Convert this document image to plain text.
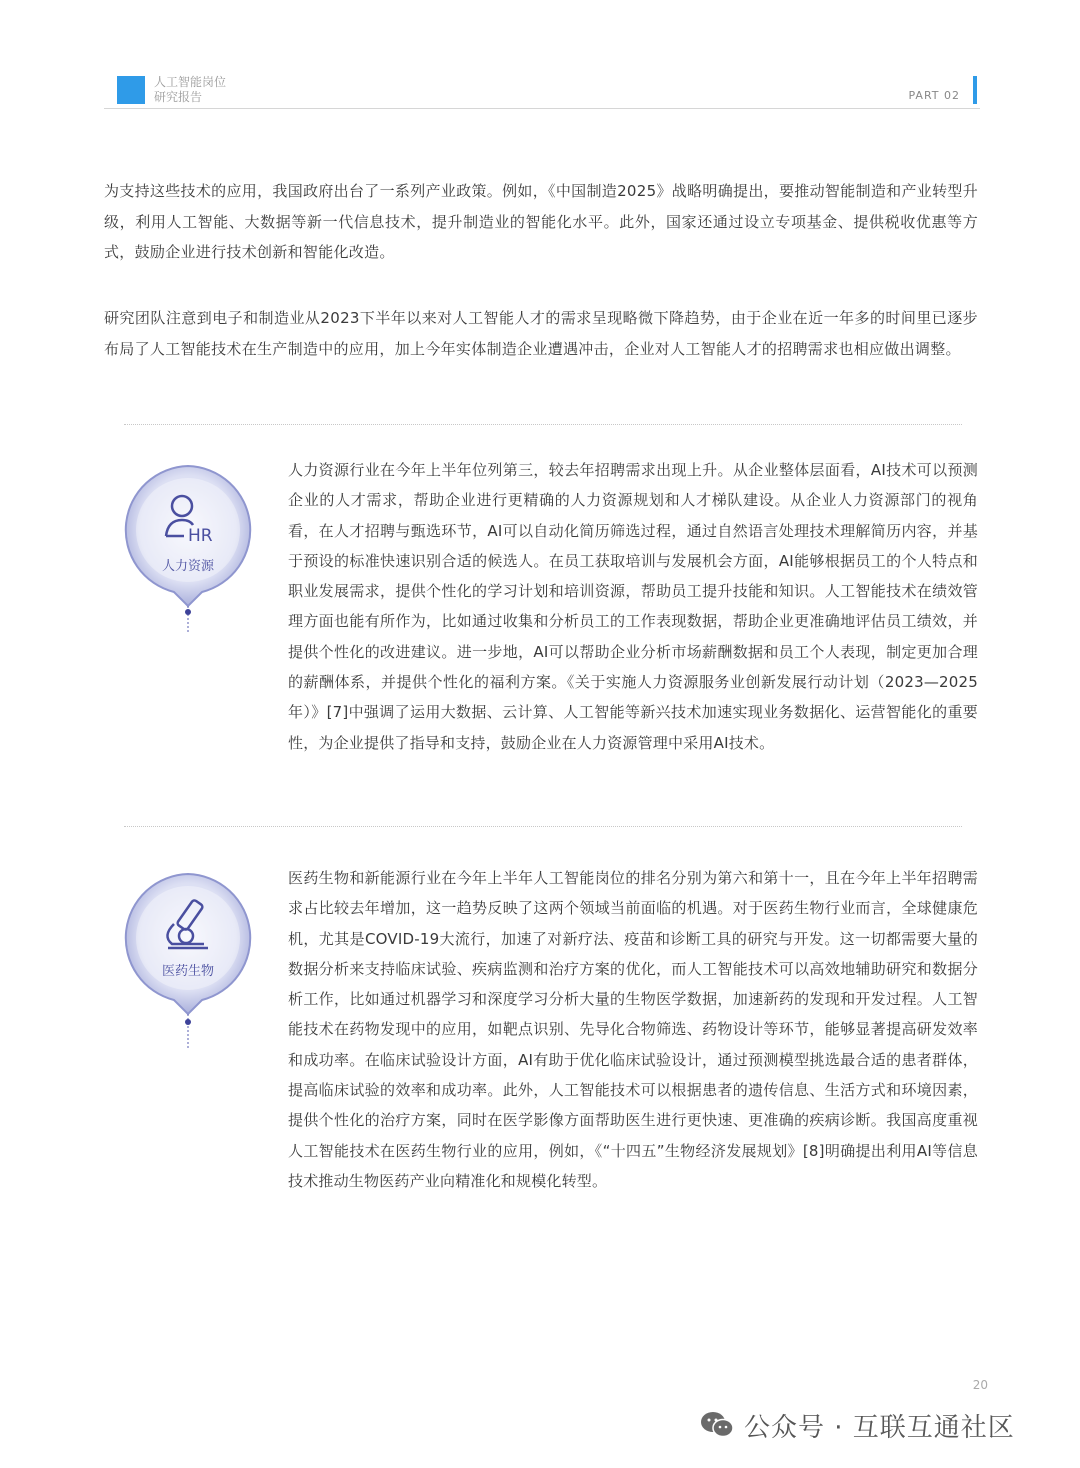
人工智能岗位
研究报告	PART 02
为支持这些技术的应用，我国政府出台了一系列产业政策。例如，《中国制造2025》战略明确提出，要推动智能制造和产业转型升级，利用人工智能、大数据等新一代信息技术，提升制造业的智能化水平。此外，国家还通过设立专项基金、提供税收优惠等方式，鼓励企业进行技术创新和智能化改造。
研究团队注意到电子和制造业从2023下半年以来对人工智能人才的需求呈现略微下降趋势，由于企业在近一年多的时间里已逐步布局了人工智能技术在生产制造中的应用，加上今年实体制造企业遭遇冲击，企业对人工智能人才的招聘需求也相应做出调整。
HR
人力资源
人力资源行业在今年上半年位列第三，较去年招聘需求出现上升。从企业整体层面看，AI技术可以预测企业的人才需求，帮助企业进行更精确的人力资源规划和人才梯队建设。从企业人力资源部门的视角看，在人才招聘与甄选环节，AI可以自动化简历筛选过程，通过自然语言处理技术理解简历内容，并基于预设的标准快速识别合适的候选人。在员工获取培训与发展机会方面，AI能够根据员工的个人特点和职业发展需求，提供个性化的学习计划和培训资源，帮助员工提升技能和知识。人工智能技术在绩效管理方面也能有所作为，比如通过收集和分析员工的工作表现数据，帮助企业更准确地评估员工绩效，并提供个性化的改进建议。进一步地，AI可以帮助企业分析市场薪酬数据和员工个人表现，制定更加合理的薪酬体系，并提供个性化的福利方案。《关于实施人力资源服务业创新发展行动计划（2023—2025年）》[7]中强调了运用大数据、云计算、人工智能等新兴技术加速实现业务数据化、运营智能化的重要性，为企业提供了指导和支持，鼓励企业在人力资源管理中采用AI技术。
医药生物
医药生物和新能源行业在今年上半年人工智能岗位的排名分别为第六和第十一，且在今年上半年招聘需求占比较去年增加，这一趋势反映了这两个领域当前面临的机遇。对于医药生物行业而言，全球健康危机，尤其是COVID-19大流行，加速了对新疗法、疫苗和诊断工具的研究与开发。这一切都需要大量的数据分析来支持临床试验、疾病监测和治疗方案的优化，而人工智能技术可以高效地辅助研究和数据分析工作，比如通过机器学习和深度学习分析大量的生物医学数据，加速新药的发现和开发过程。人工智能技术在药物发现中的应用，如靶点识别、先导化合物筛选、药物设计等环节，能够显著提高研发效率和成功率。在临床试验设计方面，AI有助于优化临床试验设计，通过预测模型挑选最合适的患者群体，提高临床试验的效率和成功率。此外，人工智能技术可以根据患者的遗传信息、生活方式和环境因素，提供个性化的治疗方案，同时在医学影像方面帮助医生进行更快速、更准确的疾病诊断。我国高度重视人工智能技术在医药生物行业的应用，例如，《“十四五”生物经济发展规划》[8]明确提出利用AI等信息技术推动生物医药产业向精准化和规模化转型。
20
公众号 · 互联互通社区
